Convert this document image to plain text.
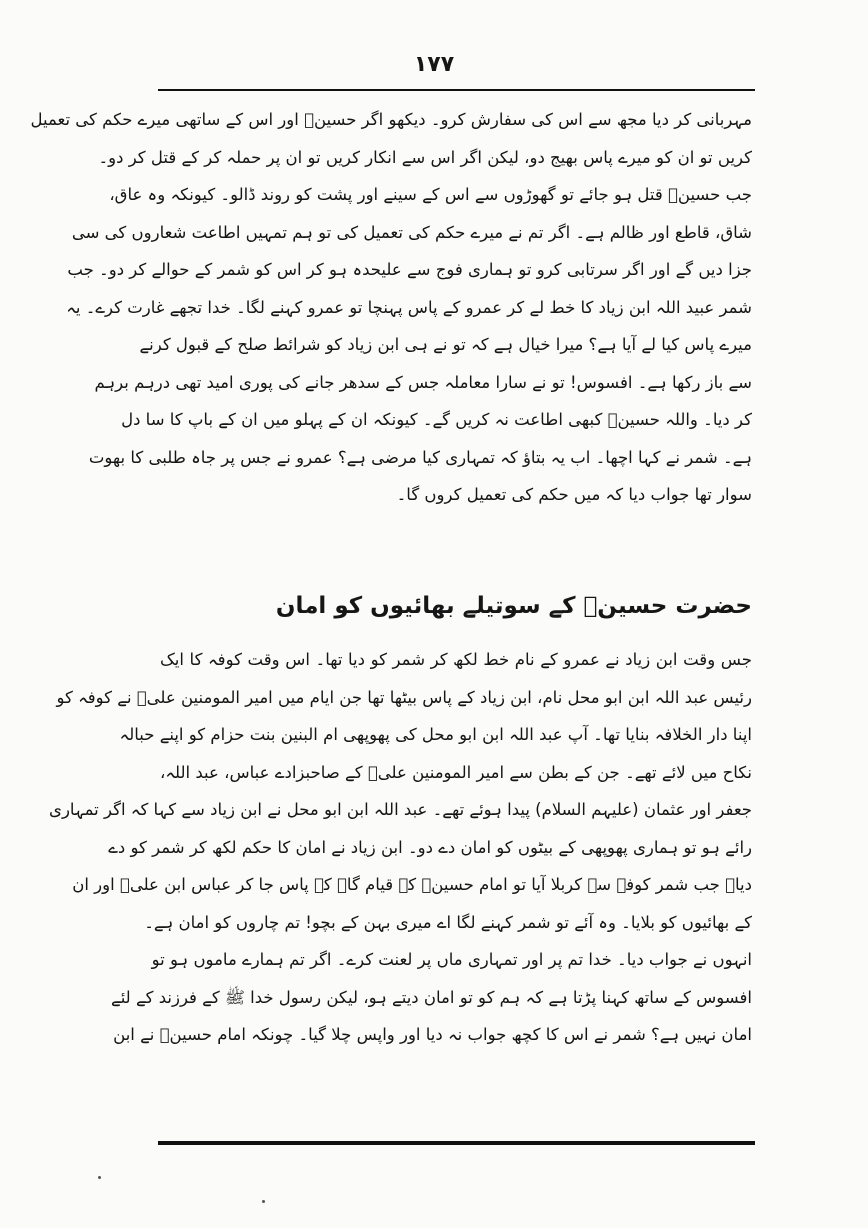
۱۷۷
مہربانی کر دیا مجھ سے اس کی سفارش کرو۔ دیکھو اگر حسینؑ اور اس کے ساتھی میرے حکم کی تعمیل
کریں تو ان کو میرے پاس بھیج دو، لیکن اگر اس سے انکار کریں تو ان پر حملہ کر کے قتل کر دو۔
جب حسینؑ قتل ہو جائے تو گھوڑوں سے اس کے سینے اور پشت کو روند ڈالو۔ کیونکہ وہ عاق،
شاق، قاطع اور ظالم ہے۔ اگر تم نے میرے حکم کی تعمیل کی تو ہم تمہیں اطاعت شعاروں کی سی
جزا دیں گے اور اگر سرتابی کرو تو ہماری فوج سے علیحدہ ہو کر اس کو شمر کے حوالے کر دو۔ جب
شمر عبید اللہ ابن زیاد کا خط لے کر عمرو کے پاس پہنچا تو عمرو کہنے لگا۔ خدا تجھے غارت کرے۔ یہ
میرے پاس کیا لے آیا ہے؟ میرا خیال ہے کہ تو نے ہی ابن زیاد کو شرائط صلح کے قبول کرنے
سے باز رکھا ہے۔ افسوس! تو نے سارا معاملہ جس کے سدھر جانے کی پوری امید تھی درہم برہم
کر دیا۔ واللہ حسینؑ کبھی اطاعت نہ کریں گے۔ کیونکہ ان کے پہلو میں ان کے باپ کا سا دل
ہے۔ شمر نے کہا اچھا۔ اب یہ بتاؤ کہ تمہاری کیا مرضی ہے؟ عمرو نے جس پر جاہ طلبی کا بھوت
سوار تھا جواب دیا کہ میں حکم کی تعمیل کروں گا۔
حضرت حسینؑ کے سوتیلے بھائیوں کو امان
جس وقت ابن زیاد نے عمرو کے نام خط لکھ کر شمر کو دیا تھا۔ اس وقت کوفہ کا ایک
رئیس عبد اللہ ابن ابو محل نام، ابن زیاد کے پاس بیٹھا تھا جن ایام میں امیر المومنین علیؑ نے کوفہ کو
اپنا دار الخلافہ بنایا تھا۔ آپ عبد اللہ ابن ابو محل کی پھوپھی ام البنین بنت حزام کو اپنے حبالہ
نکاح میں لائے تھے۔ جن کے بطن سے امیر المومنین علیؑ کے صاحبزادے عباس، عبد اللہ،
جعفر اور عثمان (علیہم السلام) پیدا ہوئے تھے۔ عبد اللہ ابن ابو محل نے ابن زیاد سے کہا کہ اگر تمہاری
رائے ہو تو ہماری پھوپھی کے بیٹوں کو امان دے دو۔ ابن زیاد نے امان کا حکم لکھ کر شمر کو دے
دیا۔ جب شمر کوفہ سے کربلا آیا تو امام حسینؑ کے قیام گاہ کے پاس جا کر عباس ابن علیؑ اور ان
کے بھائیوں کو بلایا۔ وہ آئے تو شمر کہنے لگا اے میری بہن کے بچو! تم چاروں کو امان ہے۔
انہوں نے جواب دیا۔ خدا تم پر اور تمہاری ماں پر لعنت کرے۔ اگر تم ہمارے ماموں ہو تو
افسوس کے ساتھ کہنا پڑتا ہے کہ ہم کو تو امان دیتے ہو، لیکن رسول خدا ﷺ کے فرزند کے لئے
امان نہیں ہے؟ شمر نے اس کا کچھ جواب نہ دیا اور واپس چلا گیا۔ چونکہ امام حسینؑ نے ابن
